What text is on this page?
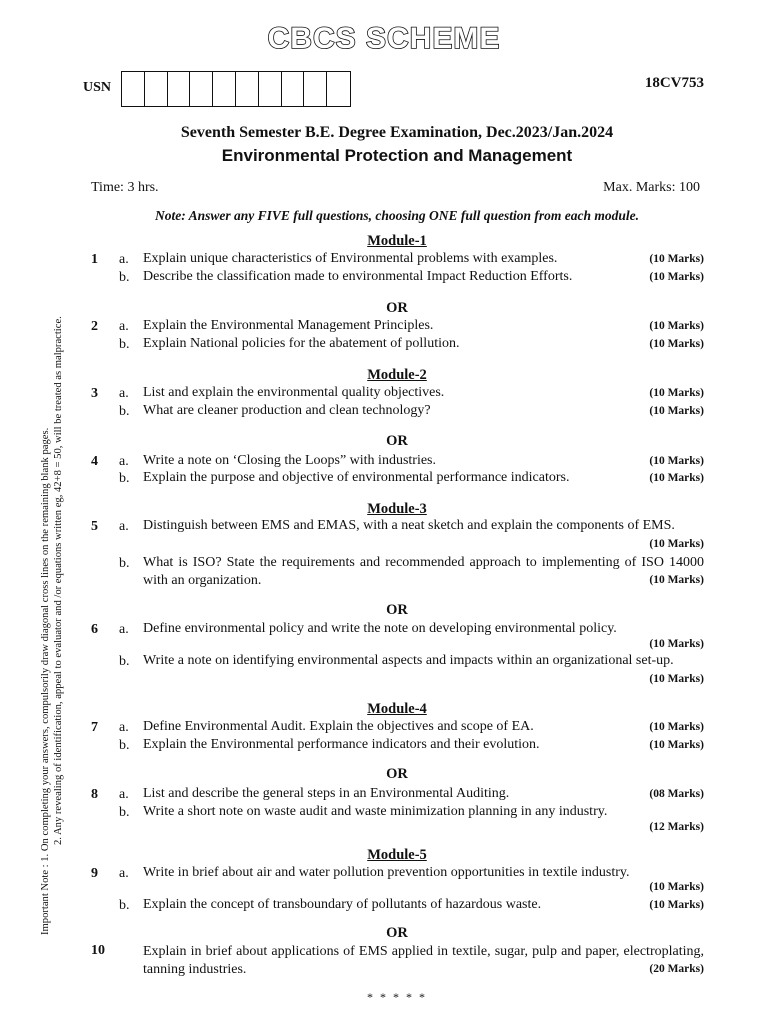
CBCS SCHEME
USN	18CV753
Seventh Semester B.E. Degree Examination, Dec.2023/Jan.2024
Environmental Protection and Management
Time: 3 hrs.	Max. Marks: 100
Note: Answer any FIVE full questions, choosing ONE full question from each module.
Important Note : 1. On completing your answers, compulsorily draw diagonal cross lines on the remaining blank pages. 2. Any revealing of identification, appeal to evaluator and /or equations written eg, 42+8 = 50, will be treated as malpractice.
Module-1
1 a. Explain unique characteristics of Environmental problems with examples.	(10 Marks)
b. Describe the classification made to environmental Impact Reduction Efforts.	(10 Marks)
OR
2 a. Explain the Environmental Management Principles.	(10 Marks)
b. Explain National policies for the abatement of pollution.	(10 Marks)
Module-2
3 a. List and explain the environmental quality objectives.	(10 Marks)
b. What are cleaner production and clean technology?	(10 Marks)
OR
4 a. Write a note on ‘Closing the Loops” with industries.	(10 Marks)
b. Explain the purpose and objective of environmental performance indicators.	(10 Marks)
Module-3
5 a. Distinguish between EMS and EMAS, with a neat sketch and explain the components of EMS.
(10 Marks)
b. What is ISO? State the requirements and recommended approach to implementing of ISO 14000 with an organization.	(10 Marks)
OR
6 a. Define environmental policy and write the note on developing environmental policy.
(10 Marks)
b. Write a note on identifying environmental aspects and impacts within an organizational set-up.
(10 Marks)
Module-4
7 a. Define Environmental Audit. Explain the objectives and scope of EA.	(10 Marks)
b. Explain the Environmental performance indicators and their evolution.	(10 Marks)
OR
8 a. List and describe the general steps in an Environmental Auditing.	(08 Marks)
b. Write a short note on waste audit and waste minimization planning in any industry.
(12 Marks)
Module-5
9 a. Write in brief about air and water pollution prevention opportunities in textile industry.
(10 Marks)
b. Explain the concept of transboundary of pollutants of hazardous waste.	(10 Marks)
OR
10	Explain in brief about applications of EMS applied in textile, sugar, pulp and paper, electroplating, tanning industries.	(20 Marks)
* * * * *
